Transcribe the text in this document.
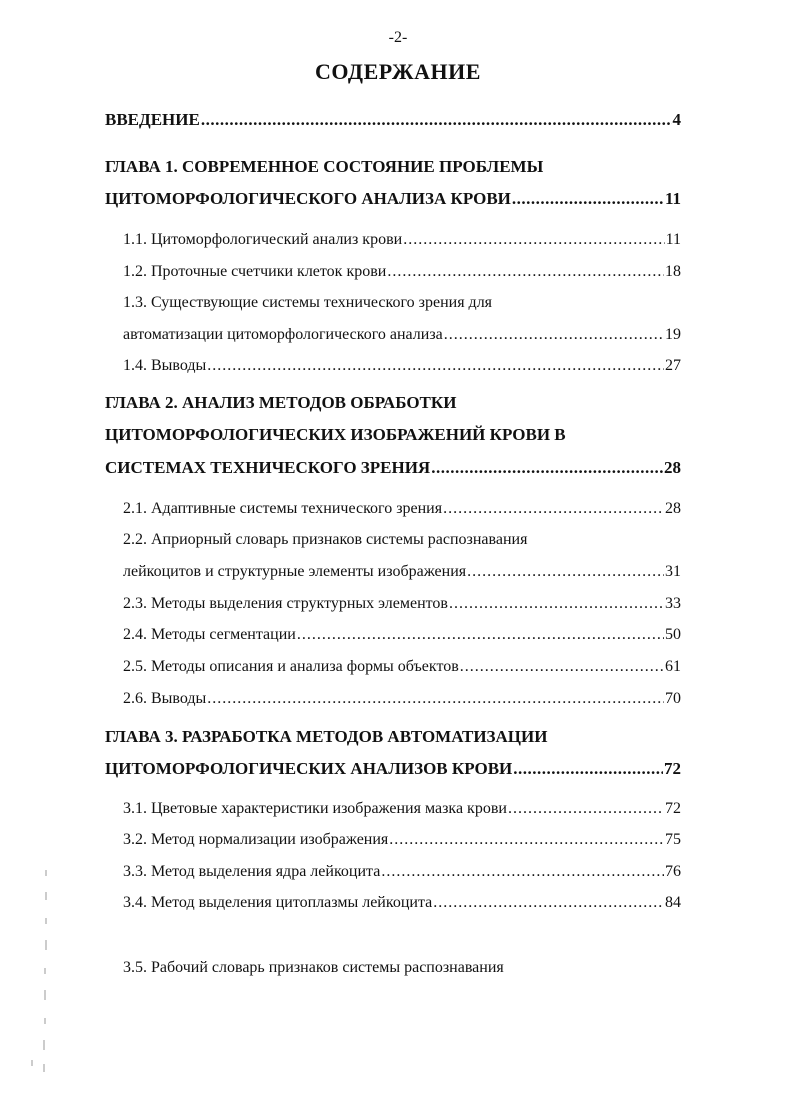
-2-
СОДЕРЖАНИЕ
ВВЕДЕНИЕ .....	4
ГЛАВА 1. СОВРЕМЕННОЕ СОСТОЯНИЕ ПРОБЛЕМЫ
ЦИТОМОРФОЛОГИЧЕСКОГО АНАЛИЗА КРОВИ .....	11
1.1. Цитоморфологический анализ крови .....	11
1.2. Проточные счетчики клеток крови .....	18
1.3. Существующие системы технического зрения для
автоматизации цитоморфологического анализа .....	19
1.4. Выводы .....	27
ГЛАВА 2. АНАЛИЗ МЕТОДОВ ОБРАБОТКИ
ЦИТОМОРФОЛОГИЧЕСКИХ ИЗОБРАЖЕНИЙ КРОВИ В
СИСТЕМАХ ТЕХНИЧЕСКОГО ЗРЕНИЯ .....	28
2.1. Адаптивные системы технического зрения .....	28
2.2. Априорный словарь признаков системы распознавания
лейкоцитов и структурные элементы изображения .....	31
2.3. Методы выделения структурных элементов .....	33
2.4. Методы сегментации .....	50
2.5. Методы описания и анализа формы объектов .....	61
2.6. Выводы .....	70
ГЛАВА 3. РАЗРАБОТКА МЕТОДОВ АВТОМАТИЗАЦИИ
ЦИТОМОРФОЛОГИЧЕСКИХ АНАЛИЗОВ КРОВИ .....	72
3.1. Цветовые характеристики изображения мазка крови .....	72
3.2. Метод нормализации изображения .....	75
3.3. Метод выделения ядра лейкоцита .....	76
3.4. Метод выделения цитоплазмы лейкоцита .....	84
3.5. Рабочий словарь признаков системы распознавания
